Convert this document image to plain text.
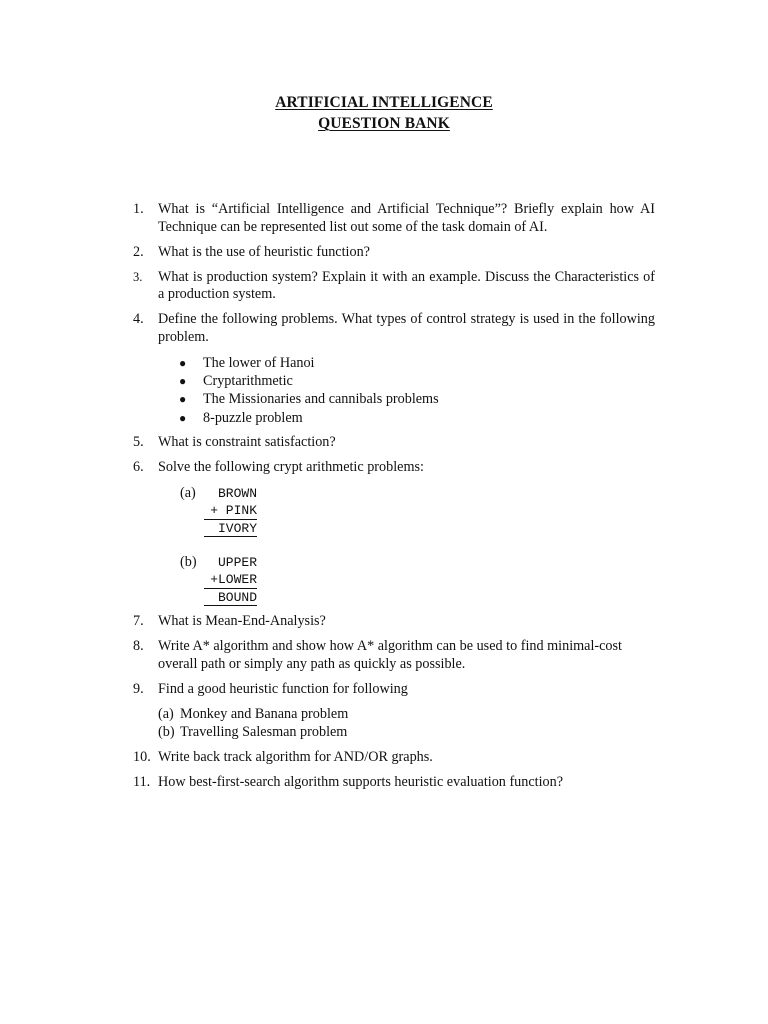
ARTIFICIAL INTELLIGENCE
QUESTION BANK
1.	What is “Artificial Intelligence and Artificial Technique”? Briefly explain how AI Technique can be represented list out some of the task domain of AI.
2.	What is the use of heuristic function?
3.	What is production system? Explain it with an example. Discuss the Characteristics of a production system.
4.	Define the following problems. What types of control strategy is used in the following problem.
● The lower of Hanoi
● Cryptarithmetic
● The Missionaries and cannibals problems
● 8-puzzle problem
5.	What is constraint satisfaction?
6.	Solve the following crypt arithmetic problems:
(a)	BROWN
+ PINK
IVORY
(b)	UPPER
+LOWER
BOUND
7.	What is Mean-End-Analysis?
8.	Write A* algorithm and show how A* algorithm can be used to find minimal-cost overall path or simply any path as quickly as possible.
9.	Find a good heuristic function for following
(a) Monkey and Banana problem
(b) Travelling Salesman problem
10. Write back track algorithm for AND/OR graphs.
11. How best-first-search algorithm supports heuristic evaluation function?
